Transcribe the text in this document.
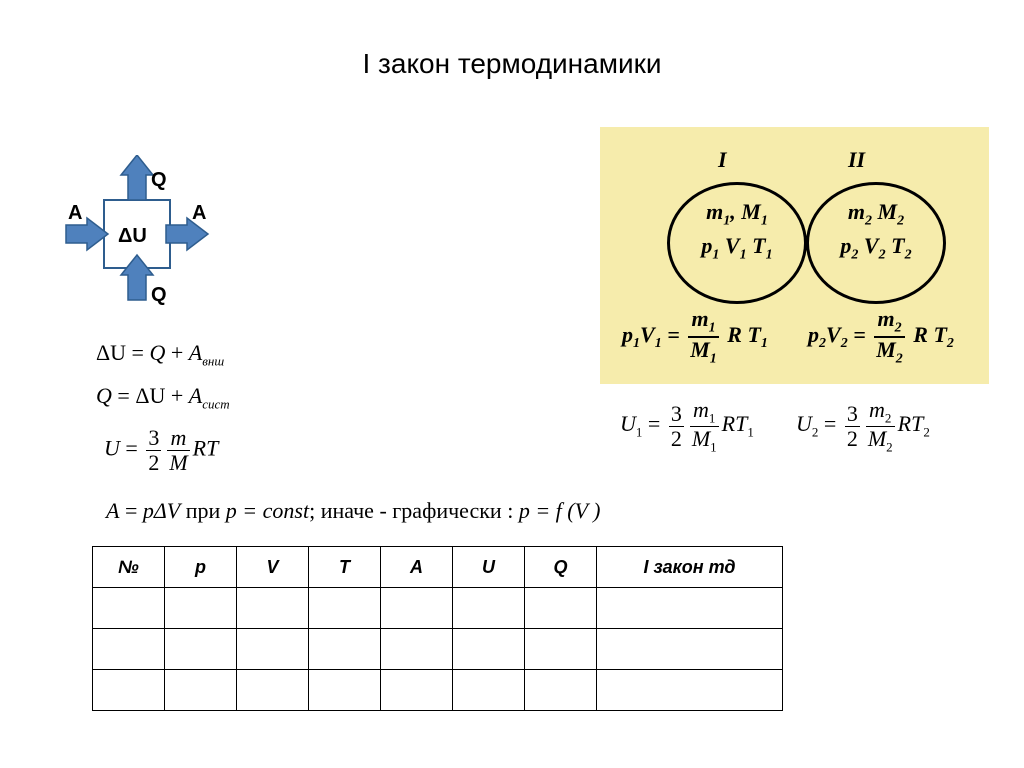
I закон термодинамики
Q
Q
A	A
ΔU
$\Delta U = Q + A_{внш}$
$Q = \Delta U + A_{сист}$
$U = \frac{3}{2} \frac{m}{M}$ RT
A = pΔV при p = const; иначе - графически : p = f (V )
I	II
$m_1$, $M_1$
$p_1$ $V_1$ $T_1$
$m_2$ $M_2$
$p_2$ $V_2$ $T_2$
$p_1V_1 = \frac{m_1}{M_1}$ R $T_1$ $p_2V_2 = \frac{m_2}{M_2}$ R $T_2$
$U_1 = \frac{3}{2} \frac{m_1}{M_1} RT_1$ $U_2 = \frac{3}{2} \frac{m_2}{M_2} RT_2$
№	p	V	T	A	U	Q	I закон тд
